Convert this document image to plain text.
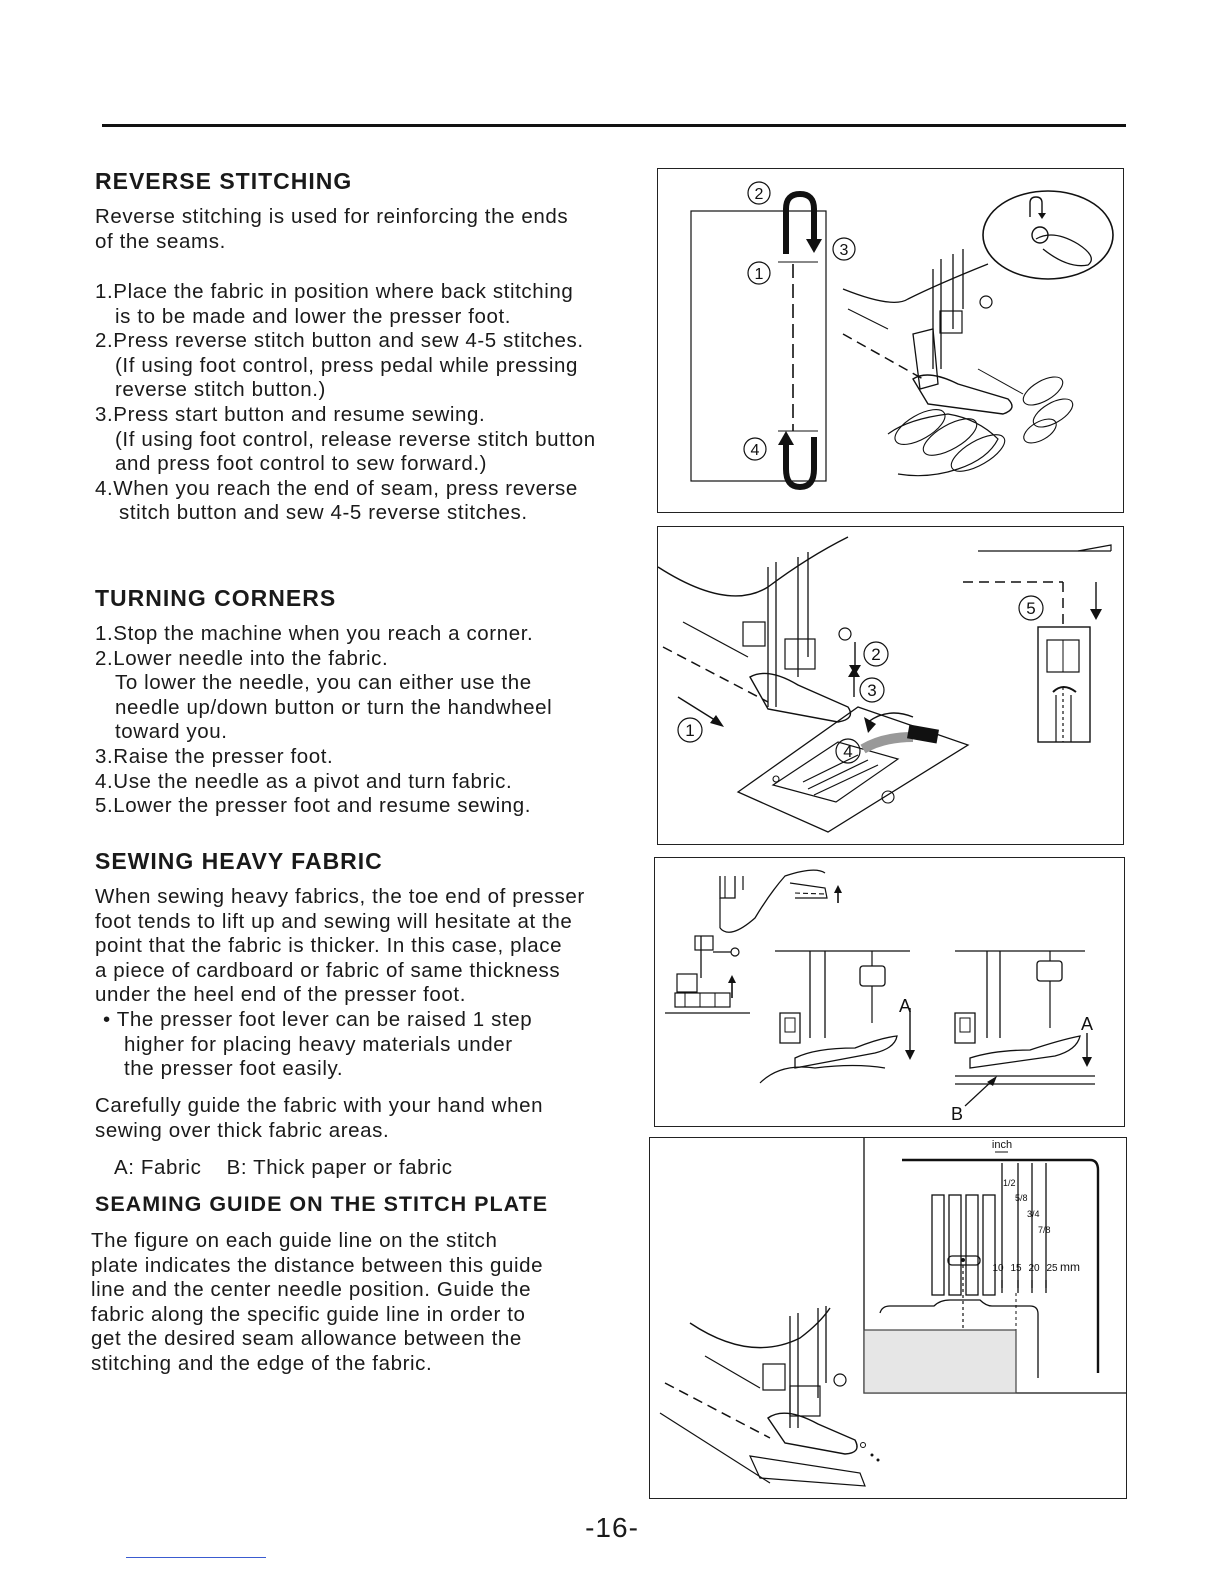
REVERSE STITCHING
Reverse stitching is used for reinforcing the ends
of the seams.
1.Place the fabric in position where back stitching
is to be made and lower the presser foot.
2.Press reverse stitch button and sew 4-5 stitches.
(If using foot control, press pedal while pressing
reverse stitch button.)
3.Press start button and resume sewing.
(If using foot control, release reverse stitch button
and press foot control to sew forward.)
4.When you reach the end of seam, press reverse
stitch button and sew 4-5 reverse stitches.
2
3
1
4
TURNING CORNERS
1.Stop the machine when you reach a corner.
2.Lower needle into the fabric.
To lower the needle, you can either use the
needle up/down button or turn the handwheel
toward you.
3.Raise the presser foot.
4.Use the needle as a pivot and turn fabric.
5.Lower the presser foot and resume sewing.
2
3
1
4
5
SEWING HEAVY FABRIC
When sewing heavy fabrics, the toe end of presser
foot tends to lift up and sewing will hesitate at the
point that the fabric is thicker. In this case, place
a piece of cardboard or fabric of same thickness
under the heel end of the presser foot.
• The presser foot lever can be raised 1 step
higher for placing heavy materials under
the presser foot easily.
Carefully guide the fabric with your hand when
sewing over thick fabric areas.
A: Fabric    B: Thick paper or fabric
A
A
B
SEAMING GUIDE ON THE STITCH PLATE
The figure on each guide line on the stitch
plate indicates the distance between this guide
line and the center needle position. Guide the
fabric along the specific guide line in order to
get the desired seam allowance between the
stitching and the edge of the fabric.
inch
1/2
5/8
3/4
7/8
10 15 20 25 mm
-16-
